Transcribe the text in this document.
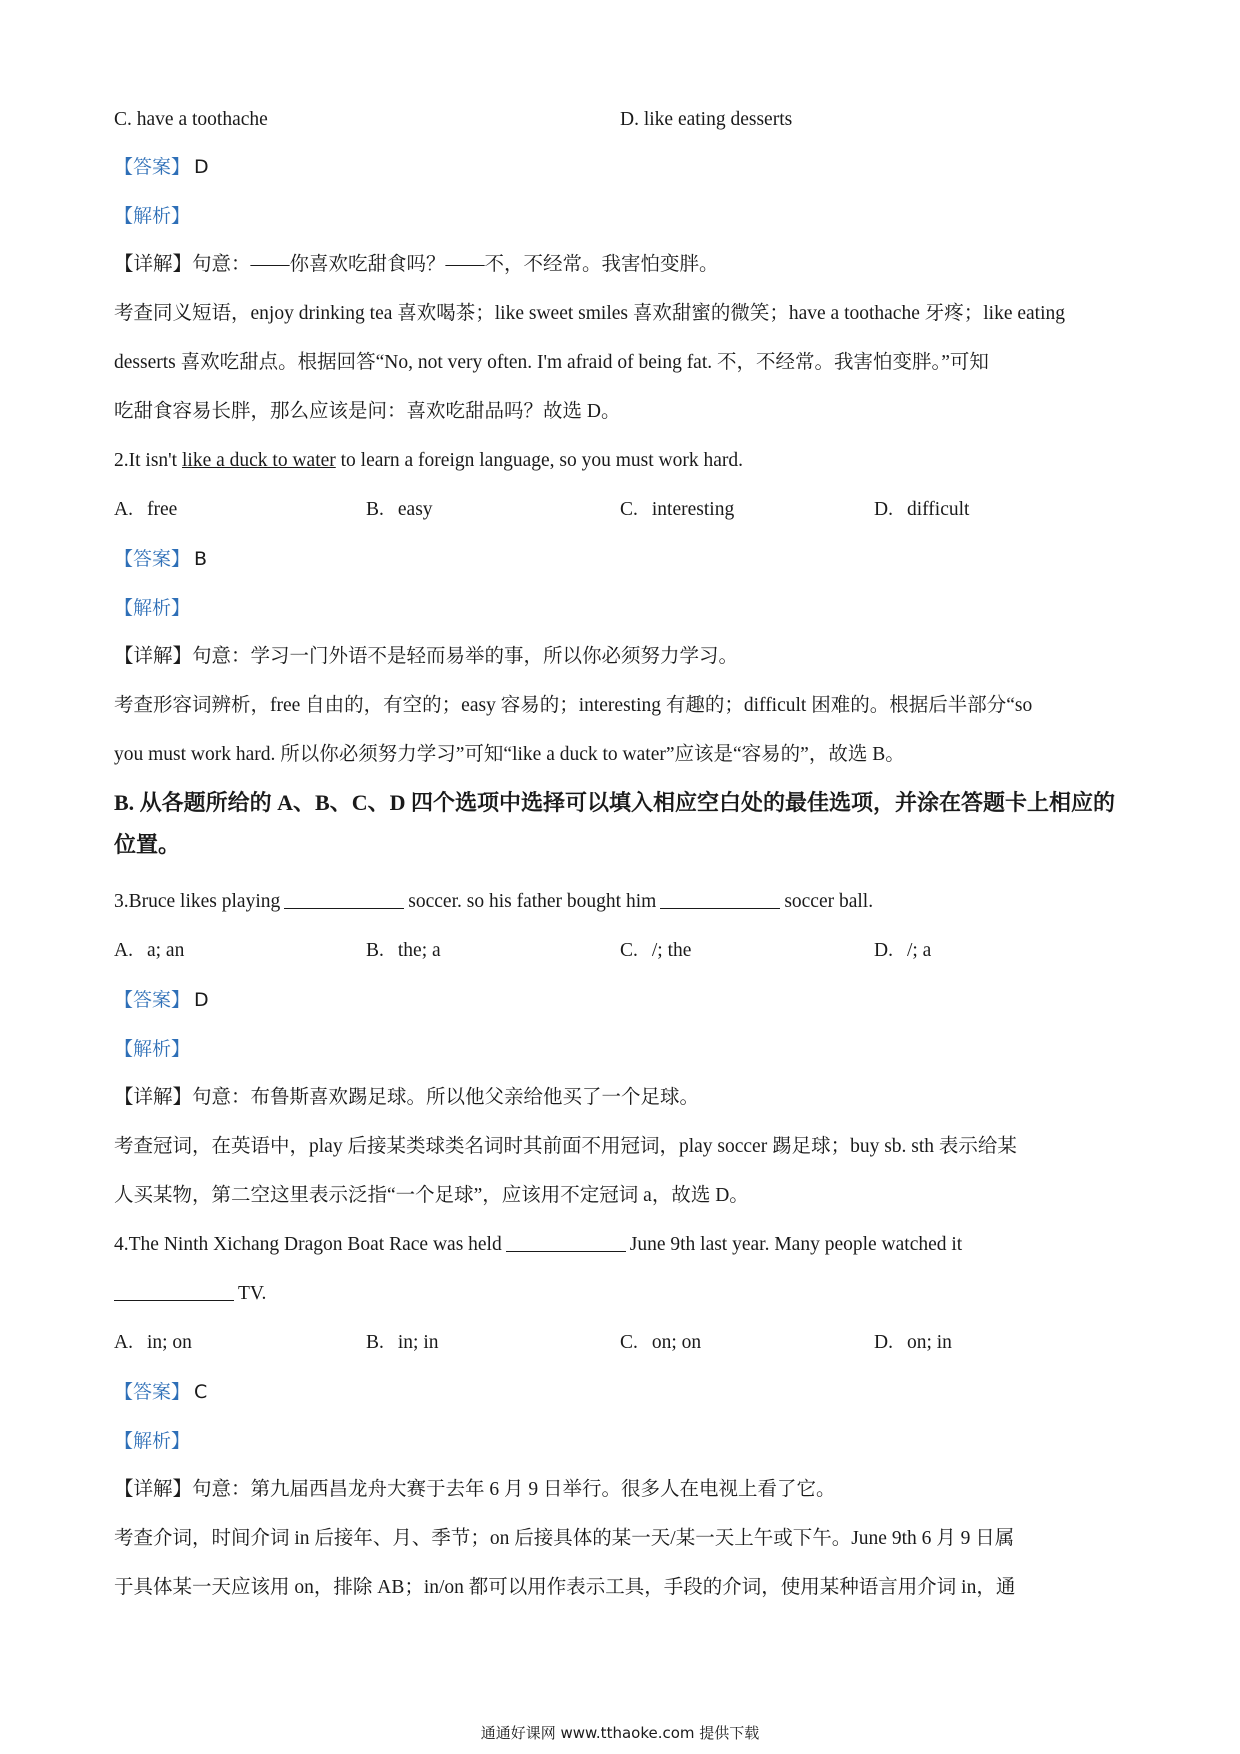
C. have a toothache	D. like eating desserts
【答案】 D
【解析】
【详解】句意：——你喜欢吃甜食吗？——不，不经常。我害怕变胖。
考查同义短语，enjoy drinking tea 喜欢喝茶；like sweet smiles 喜欢甜蜜的微笑；have a toothache 牙疼；like eating
desserts 喜欢吃甜点。根据回答“No, not very often. I'm afraid of being fat. 不，不经常。我害怕变胖。”可知
吃甜食容易长胖，那么应该是问：喜欢吃甜品吗？故选 D。
2.It isn't like a duck to water to learn a foreign language, so you must work hard.
A. free	B. easy	C. interesting	D. difficult
【答案】 B
【解析】
【详解】句意：学习一门外语不是轻而易举的事，所以你必须努力学习。
考查形容词辨析，free 自由的，有空的；easy 容易的；interesting 有趣的；difficult 困难的。根据后半部分“so
you must work hard. 所以你必须努力学习”可知“like a duck to water”应该是“容易的”，故选 B。
B. 从各题所给的 A、B、C、D 四个选项中选择可以填入相应空白处的最佳选项，并涂在答题卡上相应的位置。
3.Bruce likes playing	soccer. so his father bought him	soccer ball.
A. a; an	B. the; a	C. /; the	D. /; a
【答案】 D
【解析】
【详解】句意：布鲁斯喜欢踢足球。所以他父亲给他买了一个足球。
考查冠词，在英语中，play 后接某类球类名词时其前面不用冠词，play soccer 踢足球；buy sb. sth 表示给某
人买某物，第二空这里表示泛指“一个足球”，应该用不定冠词 a，故选 D。
4.The Ninth Xichang Dragon Boat Race was held	June 9th last year. Many people watched it
TV.
A. in; on	B. in; in	C. on; on	D. on; in
【答案】 C
【解析】
【详解】句意：第九届西昌龙舟大赛于去年 6 月 9 日举行。很多人在电视上看了它。
考查介词，时间介词 in 后接年、月、季节；on 后接具体的某一天/某一天上午或下午。June 9th 6 月 9 日属
于具体某一天应该用 on，排除 AB；in/on 都可以用作表示工具，手段的介词，使用某种语言用介词 in，通
通通好课网 www.tthaoke.com 提供下载
